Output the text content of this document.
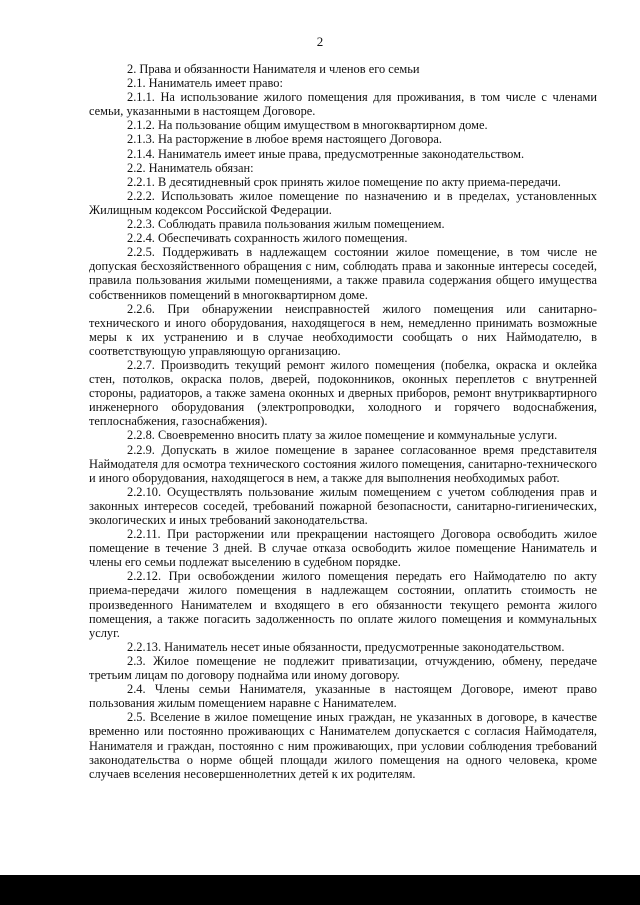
2

2. Права и обязанности Нанимателя и членов его семьи

2.1. Наниматель имеет право:

2.1.1. На использование жилого помещения для проживания, в том числе с членами семьи, указанными в настоящем Договоре.

2.1.2. На пользование общим имуществом в многоквартирном доме.

2.1.3. На расторжение в любое время настоящего Договора.

2.1.4. Наниматель имеет иные права, предусмотренные законодательством.

2.2. Наниматель обязан:

2.2.1. В десятидневный срок принять жилое помещение по акту приема-передачи.

2.2.2. Использовать жилое помещение по назначению и в пределах, установленных Жилищным кодексом Российской Федерации.

2.2.3. Соблюдать правила пользования жилым помещением.

2.2.4. Обеспечивать сохранность жилого помещения.

2.2.5. Поддерживать в надлежащем состоянии жилое помещение, в том числе не допуская бесхозяйственного обращения с ним, соблюдать права и законные интересы соседей, правила пользования жилыми помещениями, а также правила содержания общего имущества собственников помещений в многоквартирном доме.

2.2.6. При обнаружении неисправностей жилого помещения или санитарно-технического и иного оборудования, находящегося в нем, немедленно принимать возможные меры к их устранению и в случае необходимости сообщать о них Наймодателю, в соответствующую управляющую организацию.

2.2.7. Производить текущий ремонт жилого помещения (побелка, окраска и оклейка стен, потолков, окраска полов, дверей, подоконников, оконных переплетов с внутренней стороны, радиаторов, а также замена оконных и дверных приборов, ремонт внутриквартирного инженерного оборудования (электропроводки, холодного и горячего водоснабжения, теплоснабжения, газоснабжения).

2.2.8. Своевременно вносить плату за жилое помещение и коммунальные услуги.

2.2.9. Допускать в жилое помещение в заранее согласованное время представителя Наймодателя для осмотра технического состояния жилого помещения, санитарно-технического и иного оборудования, находящегося в нем, а также для выполнения необходимых работ.

2.2.10. Осуществлять пользование жилым помещением с учетом соблюдения прав и законных интересов соседей, требований пожарной безопасности, санитарно-гигиенических, экологических и иных требований законодательства.

2.2.11. При расторжении или прекращении настоящего Договора освободить жилое помещение в течение 3 дней. В случае отказа освободить жилое помещение Наниматель и члены его семьи подлежат выселению в судебном порядке.

2.2.12. При освобождении жилого помещения передать его Наймодателю по акту приема-передачи жилого помещения в надлежащем состоянии, оплатить стоимость не произведенного Нанимателем и входящего в его обязанности текущего ремонта жилого помещения, а также погасить задолженность по оплате жилого помещения и коммунальных услуг.

2.2.13. Наниматель несет иные обязанности, предусмотренные законодательством.

2.3. Жилое помещение не подлежит приватизации, отчуждению, обмену, передаче третьим лицам по договору поднайма или иному договору.

2.4. Члены семьи Нанимателя, указанные в настоящем Договоре, имеют право пользования жилым помещением наравне с Нанимателем.

2.5. Вселение в жилое помещение иных граждан, не указанных в договоре, в качестве временно или постоянно проживающих с Нанимателем допускается с согласия Наймодателя, Нанимателя и граждан, постоянно с ним проживающих, при условии соблюдения требований законодательства о норме общей площади жилого помещения на одного человека, кроме случаев вселения несовершеннолетних детей к их родителям.
